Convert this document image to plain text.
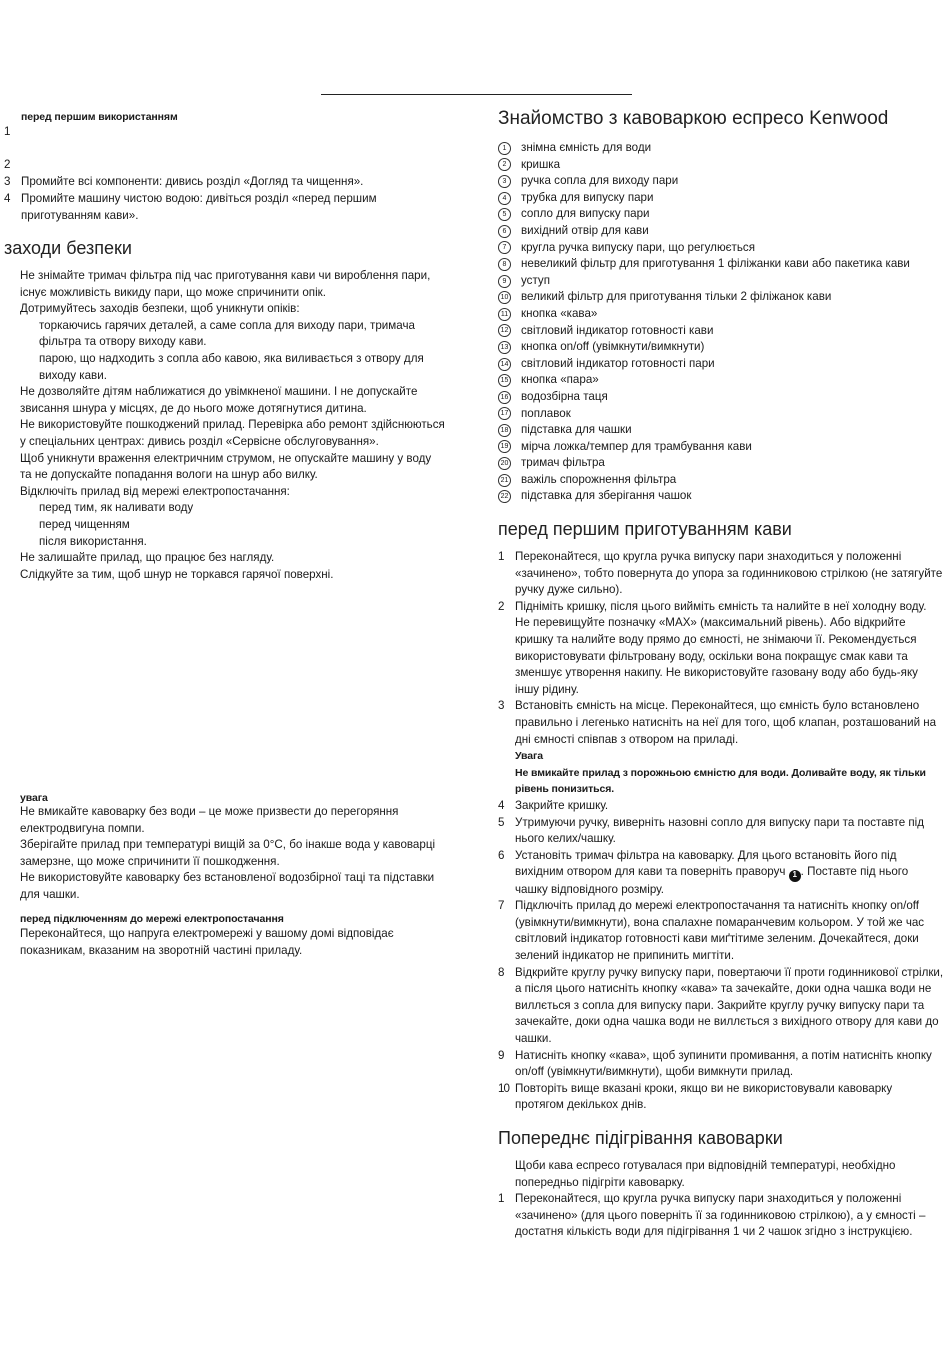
перед першим використанням
1
2
3 Промийте всі компоненти: дивись розділ «Догляд та чищення».
4 Промийте машину чистою водою: дивіться розділ «перед першим приготуванням кави».
заходи безпеки

Не знімайте тримач фільтра під час приготування кави чи вироблення пари, існує можливість викиду пари, що може спричинити опік.

Дотримуйтесь заходів безпеки, щоб уникнути опіків:

торкаючись гарячих деталей, а саме сопла для виходу пари, тримача фільтра та отвору виходу кави.

парою, що надходить з сопла або кавою, яка виливається з отвору для виходу кави.

Не дозволяйте дітям наближатися до увімкненої машини. І не допускайте звисання шнура у місцях, де до нього може дотягнутися дитина.

Не використовуйте пошкоджений прилад. Перевірка або ремонт здійснюються у спеціальних центрах: дивись розділ «Сервісне обслуговування».

Щоб уникнути враження електричним струмом, не опускайте машину у воду та не допускайте попадання вологи на шнур або вилку.

Відключіть прилад від мережі електропостачання:

перед тим, як наливати воду

перед чищенням

після використання.

Не залишайте прилад, що працює без нагляду.

Слідкуйте за тим, щоб шнур не торкався гарячої поверхні.

увага

Не вмикайте кавоварку без води – це може призвести до перегоряння електродвигуна помпи.

Зберігайте прилад при температурі вищій за 0°C, бо інакше вода у кавоварці замерзне, що може спричинити її пошкодження.

Не використовуйте кавоварку без встановленої водозбірної таці та підставки для чашки.

перед підключенням до мережі електропостачання
Переконайтеся, що напруга електромережі у вашому домі відповідає показникам, вказаним на зворотній частині приладу.
Знайомство з кавоваркою еспресо Kenwood
1	знімна ємність для води
2	кришка
3	ручка сопла для виходу пари
4	трубка для випуску пари
5	сопло для випуску пари
6	вихідний отвір для кави
7	кругла ручка випуску пари, що регулюється
8	невеликий фільтр для приготування 1 філіжанки кави або пакетика кави
9	уступ
10 великий фільтр для приготування тільки 2 філіжанок кави
11 кнопка «кава»
12 світловий індикатор готовності кави
13 кнопка on/off (увімкнути/вимкнути)
14 світловий індикатор готовності пари
15 кнопка «пара»
16 водозбірна таця
17 поплавок
18 підставка для чашки
19 мірча ложка/темпер для трамбування кави
20 тримач фільтра
21 важіль спорожнення фільтра
22 підставка для зберігання чашок
перед першим приготуванням кави
1 Переконайтеся, що кругла ручка випуску пари знаходиться у положенні «зачинено», тобто повернута до упора за годинниковою стрілкою (не затягуйте ручку дуже сильно).
2 Підніміть кришку, після цього вийміть ємність та налийте в неї холодну воду. Не перевищуйте позначку «MAX» (максимальний рівень). Або відкрийте кришку та налийте воду прямо до ємності, не знімаючи її. Рекомендується використовувати фільтровану воду, оскільки вона покращує смак кави та зменшує утворення накипу. Не використовуйте газовану воду або будь-яку іншу рідину.
3 Встановіть ємність на місце. Переконайтеся, що ємність було встановлено правильно і легенько натисніть на неї для того, щоб клапан, розташований на дні ємності співпав з отвором на приладі.
Увага
Не вмикайте прилад з порожньою ємністю для води. Доливайте воду, як тільки рівень понизиться.
4 Закрийте кришку.
5 Утримуючи ручку, виверніть назовні сопло для випуску пари та поставте під нього келих/чашку.
6 Установіть тримач фільтра на кавоварку. Для цього встановіть його під вихідним отвором для кави та поверніть праворуч 1 . Поставте під нього чашку відповідного розміру.
7 Підключіть прилад до мережі електропостачання та натисніть кнопку on/off (увімкнути/вимкнути), вона спалахне помаранчевим кольором. У той же час світловий індикатор готовності кави миґтітиме зеленим. Дочекайтеся, доки зелений індикатор не припинить мигтіти.
8 Відкрийте круглу ручку випуску пари, повертаючи її проти годинникової стрілки, а після цього натисніть кнопку «кава» та зачекайте, доки одна чашка води не виллється з сопла для випуску пари. Закрийте круглу ручку випуску пари та зачекайте, доки одна чашка води не виллється з вихідного отвору для кави до чашки.
9 Натисніть кнопку «кава», щоб зупинити промивання, а потім натисніть кнопку on/off (увімкнути/вимкнути), щоби вимкнути прилад.
10 Повторіть вище вказані кроки, якщо ви не використовували кавоварку протягом декількох днів.
Попереднє підігрівання кавоварки
Щоби кава еспресо готувалася при відповідній температурі, необхідно попередньо підігріти кавоварку.
1 Переконайтеся, що кругла ручка випуску пари знаходиться у положенні «зачинено» (для цього поверніть її за годинниковою стрілкою), а у ємності – достатня кількість води для підігрівання 1 чи 2 чашок згідно з інструкцією.
